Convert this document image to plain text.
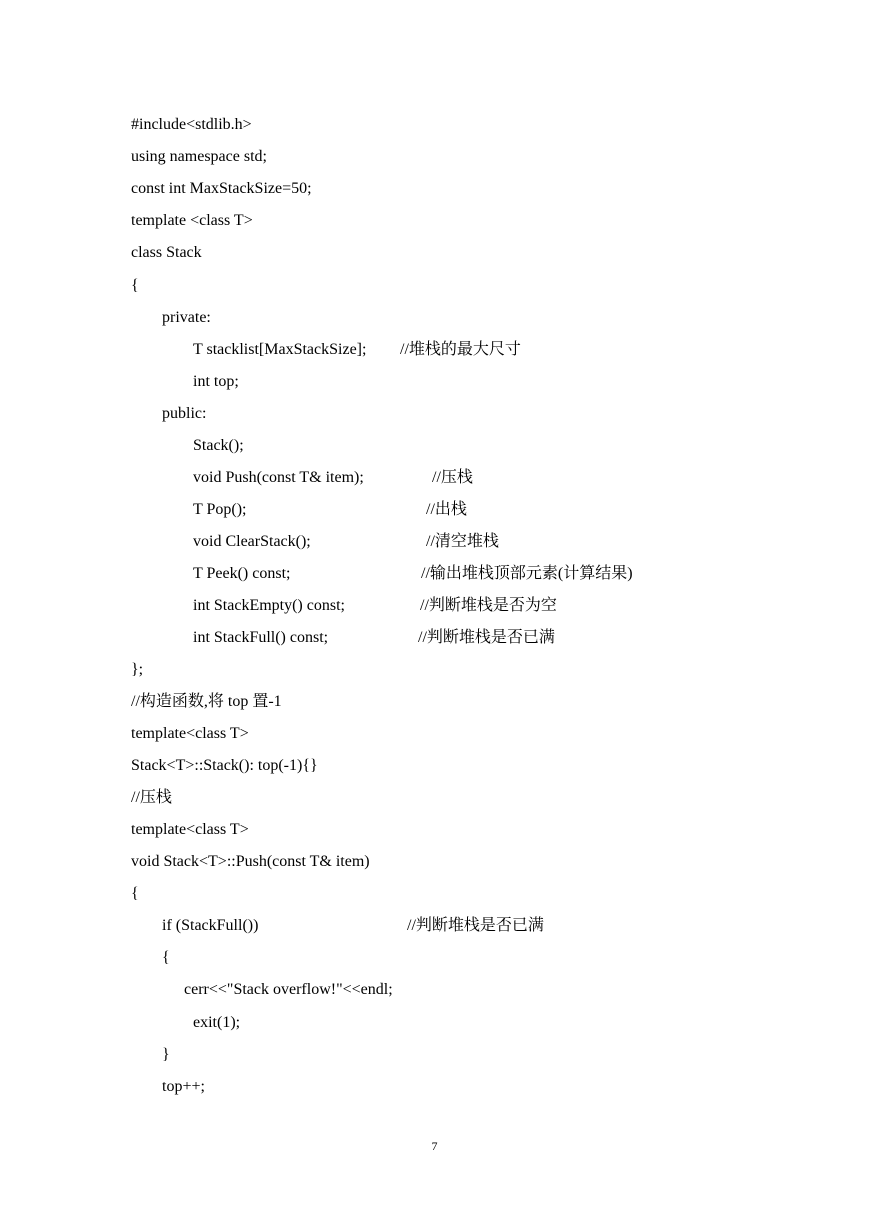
#include<stdlib.h>
using namespace std;
const int MaxStackSize=50;
template <class T>
class Stack
{
private:
T stacklist[MaxStackSize]; //堆栈的最大尺寸
int top;
public:
Stack();
void Push(const T& item);	//压栈
T Pop();	//出栈
void ClearStack();	//清空堆栈
T Peek() const;	//输出堆栈顶部元素(计算结果)
int StackEmpty() const;	//判断堆栈是否为空
int StackFull() const;	//判断堆栈是否已满
};
//构造函数,将 top 置-1
template<class T>
Stack<T>::Stack(): top(-1){}
//压栈
template<class T>
void Stack<T>::Push(const T& item)
{
if (StackFull())	//判断堆栈是否已满
{
cerr<<"Stack overflow!"<<endl;
exit(1);
}
top++;
7
